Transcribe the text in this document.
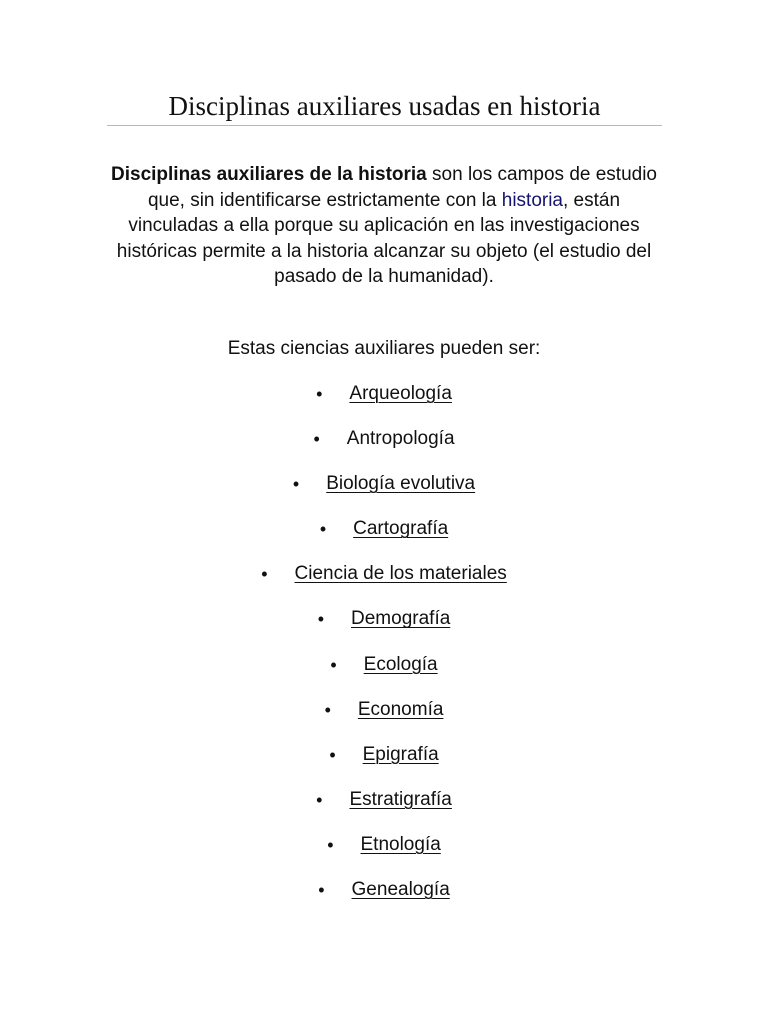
Disciplinas auxiliares usadas en historia

Disciplinas auxiliares de la historia son los campos de estudio que, sin identificarse estrictamente con la historia, están vinculadas a ella porque su aplicación en las investigaciones históricas permite a la historia alcanzar su objeto (el estudio del pasado de la humanidad).

Estas ciencias auxiliares pueden ser:

• Arqueología
• Antropología
• Biología evolutiva
• Cartografía
• Ciencia de los materiales
• Demografía
• Ecología
• Economía
• Epigrafía
• Estratigrafía
• Etnología
• Genealogía
